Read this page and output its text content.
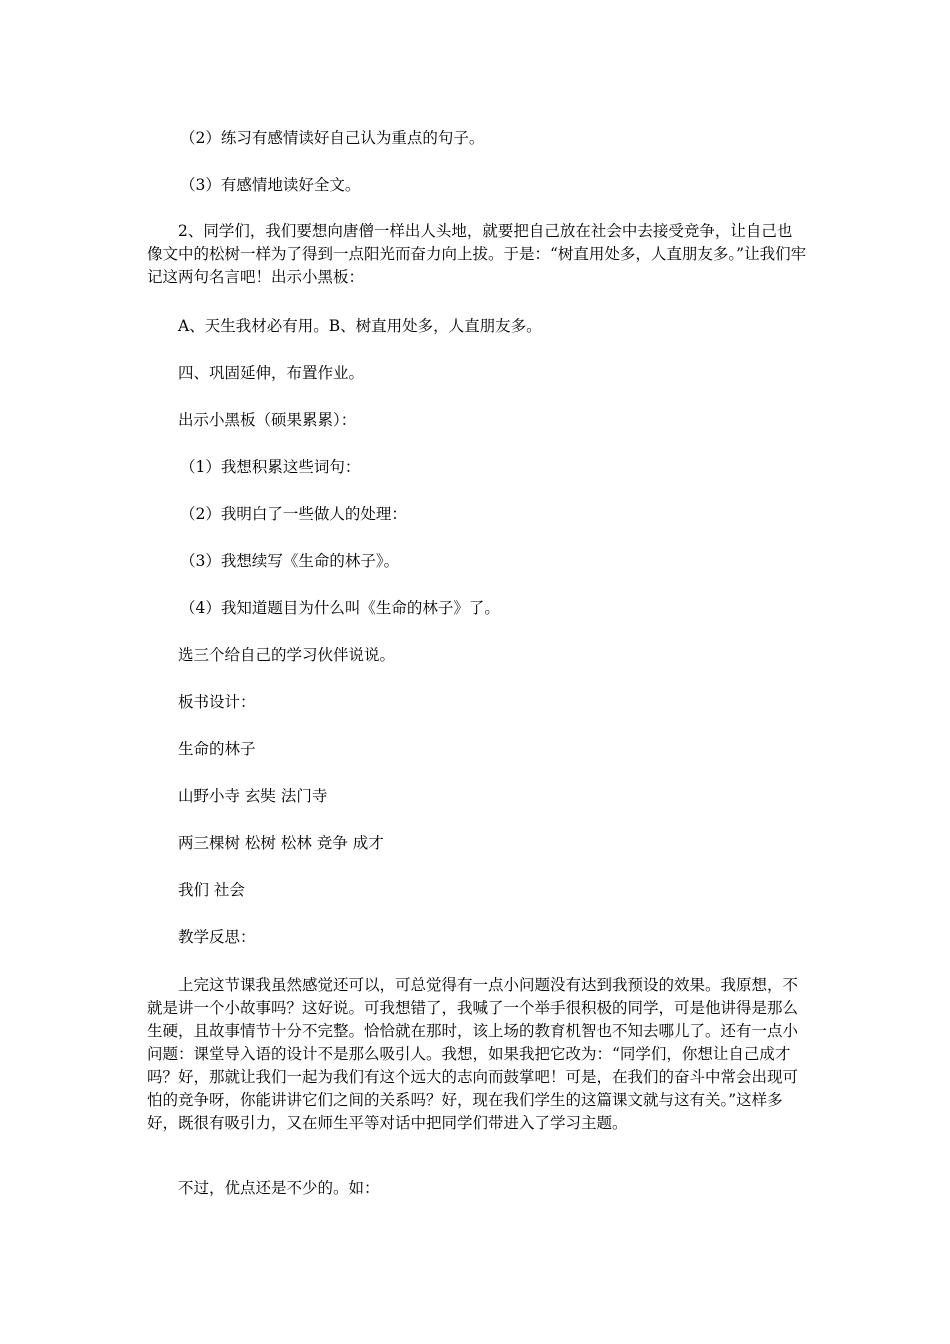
（2）练习有感情读好自己认为重点的句子。

（3）有感情地读好全文。

2、同学们，我们要想向唐僧一样出人头地，就要把自己放在社会中去接受竞争，让自己也像文中的松树一样为了得到一点阳光而奋力向上拔。于是：“树直用处多，人直朋友多。”让我们牢记这两句名言吧！出示小黑板：

A、天生我材必有用。B、树直用处多，人直朋友多。

四、巩固延伸，布置作业。

出示小黑板（硕果累累）：

（1）我想积累这些词句：

（2）我明白了一些做人的处理：

（3）我想续写《生命的林子》。

（4）我知道题目为什么叫《生命的林子》了。

选三个给自己的学习伙伴说说。

板书设计：

生命的林子

山野小寺 玄奘 法门寺

两三棵树 松树 松林 竞争 成才

我们 社会

教学反思：

上完这节课我虽然感觉还可以，可总觉得有一点小问题没有达到我预设的效果。我原想，不就是讲一个小故事吗？这好说。可我想错了，我喊了一个举手很积极的同学，可是他讲得是那么生硬，且故事情节十分不完整。恰恰就在那时，该上场的教育机智也不知去哪儿了。还有一点小问题：课堂导入语的设计不是那么吸引人。我想，如果我把它改为：“同学们，你想让自己成才吗？好，那就让我们一起为我们有这个远大的志向而鼓掌吧！可是，在我们的奋斗中常会出现可怕的竞争呀，你能讲讲它们之间的关系吗？好，现在我们学生的这篇课文就与这有关。”这样多好，既很有吸引力，又在师生平等对话中把同学们带进入了学习主题。

不过，优点还是不少的。如：
